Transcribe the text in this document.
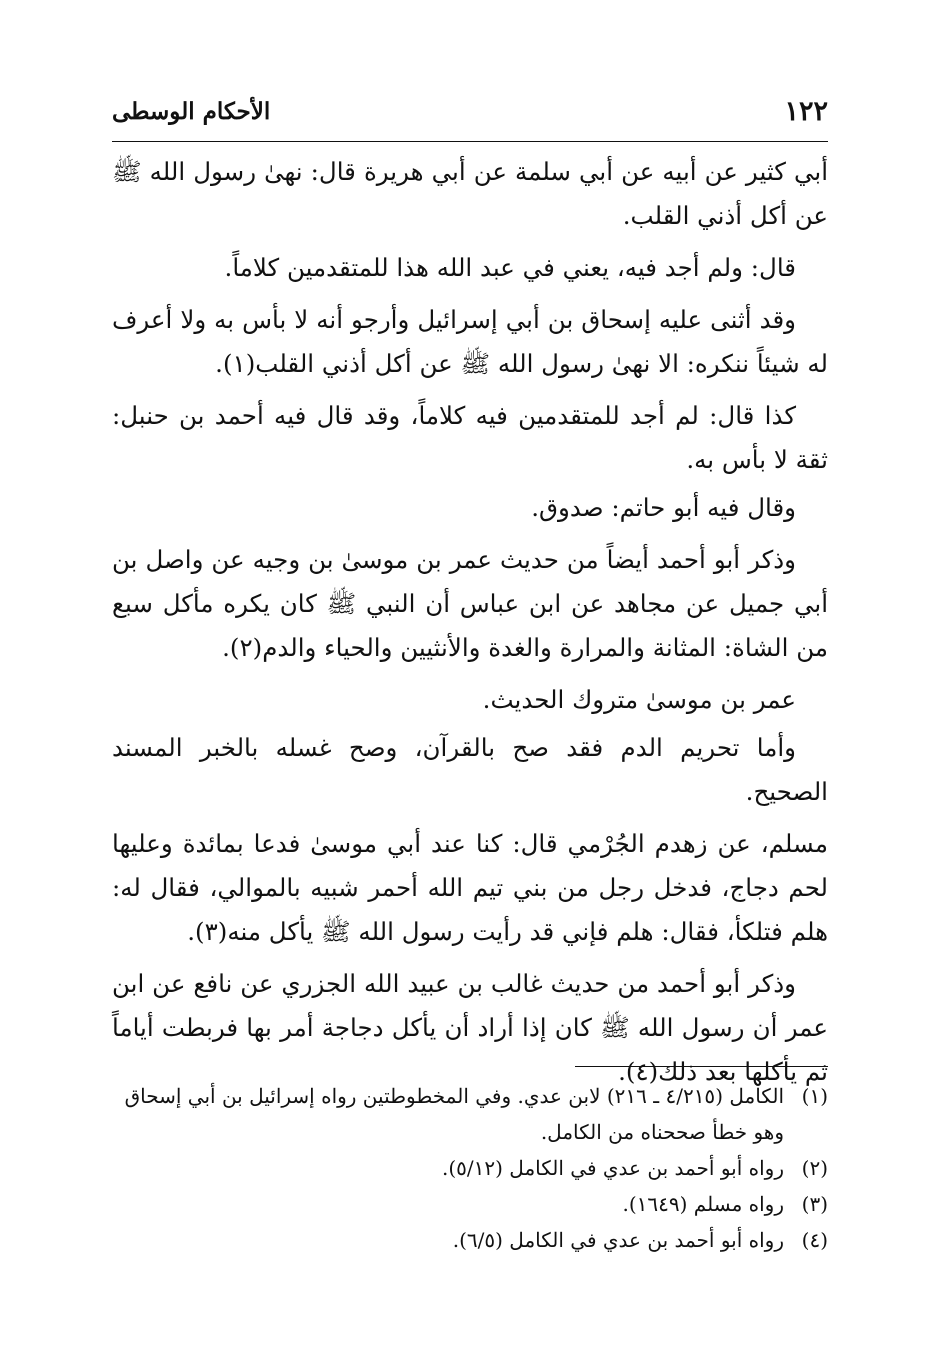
١٢٢
الأحكام الوسطى

أبي كثير عن أبيه عن أبي سلمة عن أبي هريرة قال: نهىٰ رسول الله ﷺ عن أكل أذني القلب.

قال: ولم أجد فيه، يعني في عبد الله هذا للمتقدمين كلاماً.

وقد أثنى عليه إسحاق بن أبي إسرائيل وأرجو أنه لا بأس به ولا أعرف له شيئاً ننكره: الا نهىٰ رسول الله ﷺ عن أكل أذني القلب(١).

كذا قال: لم أجد للمتقدمين فيه كلاماً، وقد قال فيه أحمد بن حنبل: ثقة لا بأس به.

وقال فيه أبو حاتم: صدوق.

وذكر أبو أحمد أيضاً من حديث عمر بن موسىٰ بن وجيه عن واصل بن أبي جميل عن مجاهد عن ابن عباس أن النبي ﷺ كان يكره مأكل سبع من الشاة: المثانة والمرارة والغدة والأنثيين والحياء والدم(٢).

عمر بن موسىٰ متروك الحديث.

وأما تحريم الدم فقد صح بالقرآن، وصح غسله بالخبر المسند الصحيح.

مسلم، عن زهدم الجُرْمي قال: كنا عند أبي موسىٰ فدعا بمائدة وعليها لحم دجاج، فدخل رجل من بني تيم الله أحمر شبيه بالموالي، فقال له: هلم فتلكأ، فقال: هلم فإني قد رأيت رسول الله ﷺ يأكل منه(٣).

وذكر أبو أحمد من حديث غالب بن عبيد الله الجزري عن نافع عن ابن عمر أن رسول الله ﷺ كان إذا أراد أن يأكل دجاجة أمر بها فربطت أياماً ثم يأكلها بعد ذلك(٤).

(١)
الكامل (٤/٢١٥ ـ ٢١٦) لابن عدي. وفي المخطوطتين رواه إسرائيل بن أبي إسحاق وهو خطأ صححناه من الكامل.

(٢)
رواه أبو أحمد بن عدي في الكامل (٥/١٢).

(٣)
رواه مسلم (١٦٤٩).

(٤)
رواه أبو أحمد بن عدي في الكامل (٦/٥).
